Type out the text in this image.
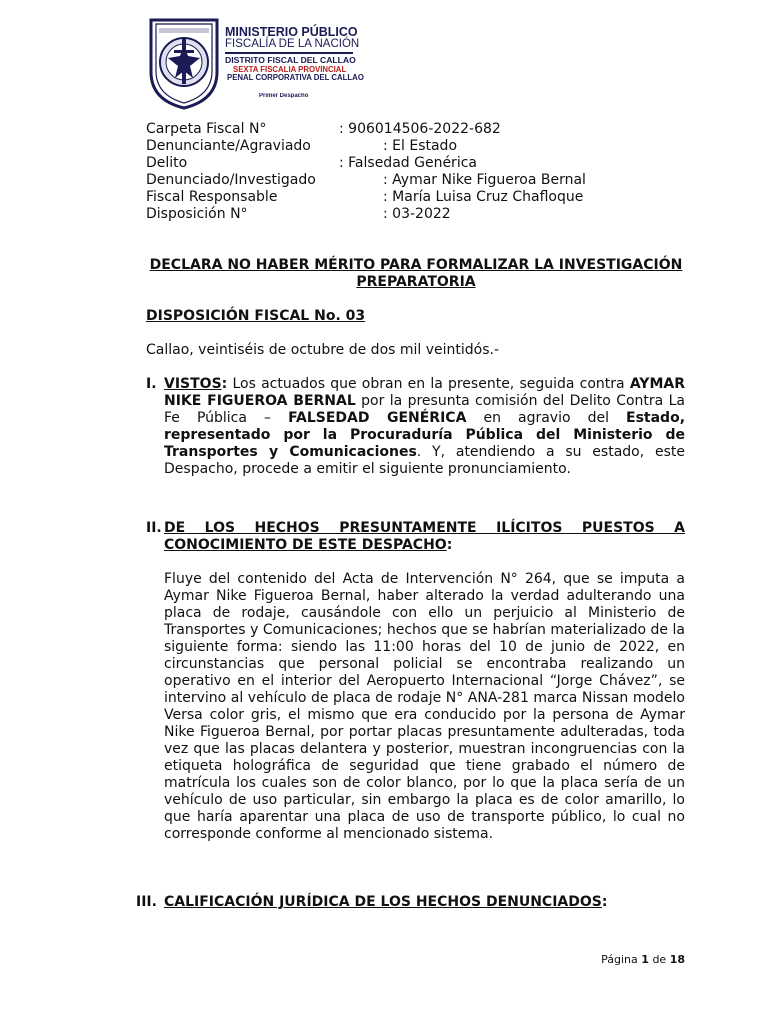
MINISTERIO PÚBLICO
FISCALÍA DE LA NACIÓN
DISTRITO FISCAL DEL CALLAO
SEXTA FISCALIA PROVINCIAL
PENAL CORPORATIVA DEL CALLAO
Primer Despacho
Carpeta Fiscal N°	: 906014506-2022-682
Denunciante/Agraviado	: El Estado
Delito	: Falsedad Genérica
Denunciado/Investigado	: Aymar Nike Figueroa Bernal
Fiscal Responsable	: María Luisa Cruz Chafloque
Disposición N°	: 03-2022
DECLARA NO HABER MÉRITO PARA FORMALIZAR LA INVESTIGACIÓN PREPARATORIA
DISPOSICIÓN FISCAL No. 03
Callao, veintiséis de octubre de dos mil veintidós.-
I. VISTOS: Los actuados que obran en la presente, seguida contra AYMAR NIKE FIGUEROA BERNAL por la presunta comisión del Delito Contra La Fe Pública – FALSEDAD GENÉRICA en agravio del Estado, representado por la Procuraduría Pública del Ministerio de Transportes y Comunicaciones. Y, atendiendo a su estado, este Despacho, procede a emitir el siguiente pronunciamiento.

II. DE LOS HECHOS PRESUNTAMENTE ILÍCITOS PUESTOS A CONOCIMIENTO DE ESTE DESPACHO:

Fluye del contenido del Acta de Intervención N° 264, que se imputa a Aymar Nike Figueroa Bernal, haber alterado la verdad adulterando una placa de rodaje, causándole con ello un perjuicio al Ministerio de Transportes y Comunicaciones; hechos que se habrían materializado de la siguiente forma: siendo las 11:00 horas del 10 de junio de 2022, en circunstancias que personal policial se encontraba realizando un operativo en el interior del Aeropuerto Internacional “Jorge Chávez”, se intervino al vehículo de placa de rodaje N° ANA-281 marca Nissan modelo Versa color gris, el mismo que era conducido por la persona de Aymar Nike Figueroa Bernal, por portar placas presuntamente adulteradas, toda vez que las placas delantera y posterior, muestran incongruencias con la etiqueta holográfica de seguridad que tiene grabado el número de matrícula los cuales son de color blanco, por lo que la placa sería de un vehículo de uso particular, sin embargo la placa es de color amarillo, lo que haría aparentar una placa de uso de transporte público, lo cual no corresponde conforme al mencionado sistema.

III. CALIFICACIÓN JURÍDICA DE LOS HECHOS DENUNCIADOS:

Página 1 de 18
